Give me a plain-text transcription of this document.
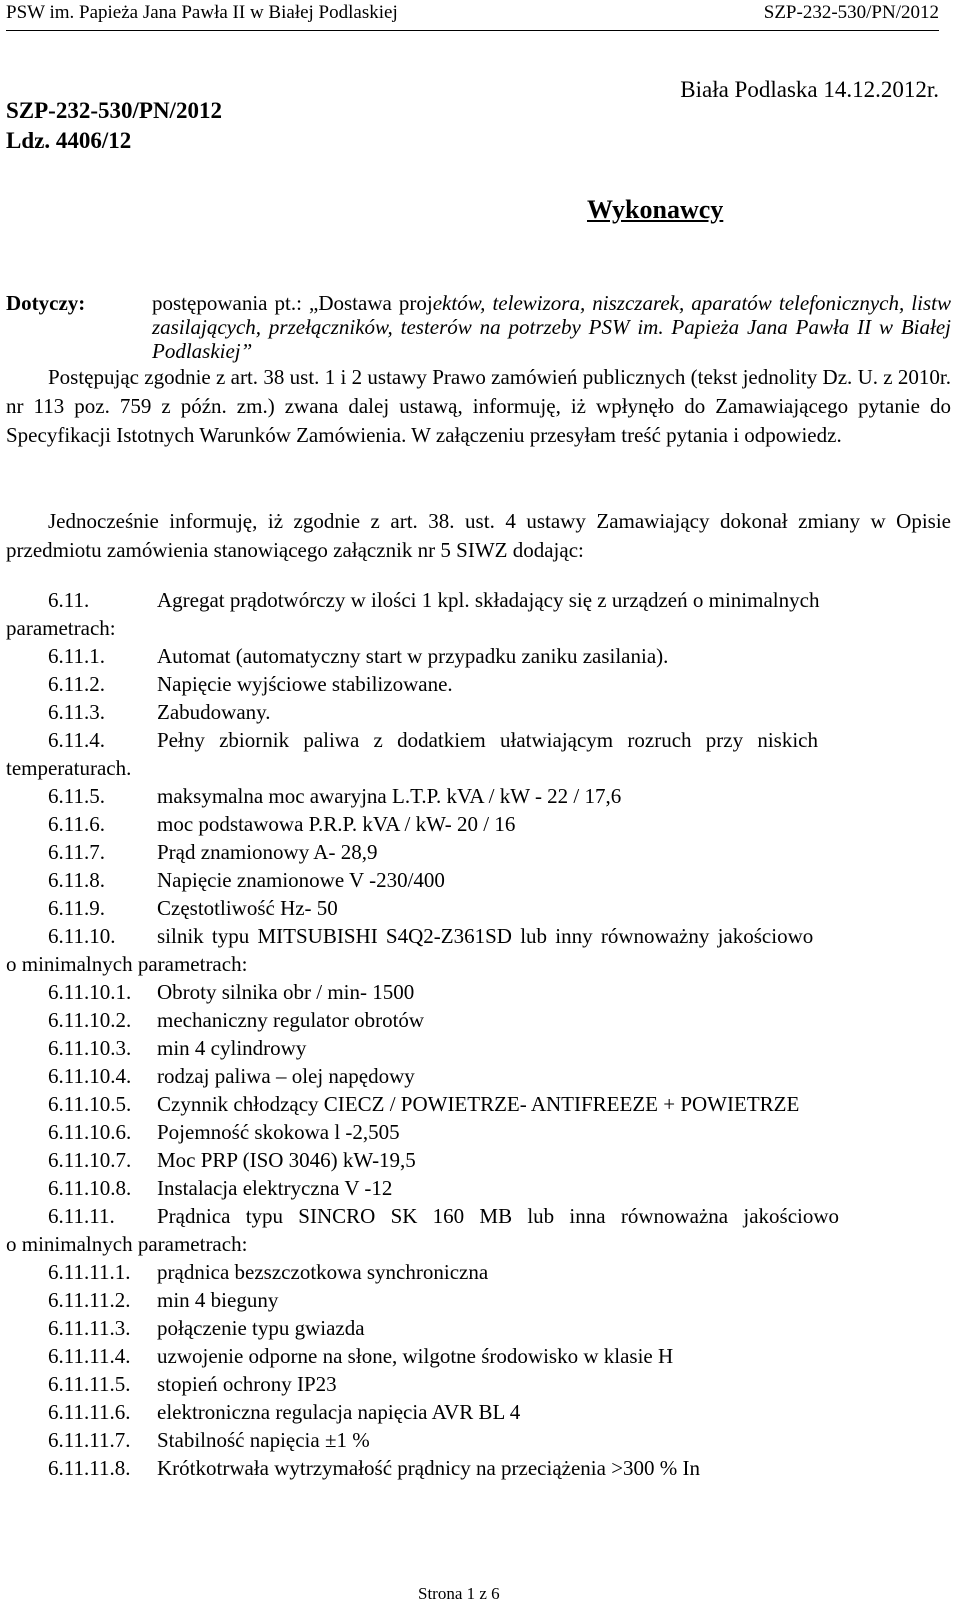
PSW im. Papieża Jana Pawła II w Białej Podlaskiej	SZP-232-530/PN/2012
SZP-232-530/PN/2012
Ldz. 4406/12
Biała Podlaska 14.12.2012r.
Wykonawcy
Dotyczy:	postępowania pt.: „Dostawa projektów, telewizora, niszczarek, aparatów telefonicznych, listw zasilających, przełączników, testerów na potrzeby PSW im. Papieża Jana Pawła II w Białej Podlaskiej”
Postępując zgodnie z art. 38 ust. 1 i 2 ustawy Prawo zamówień publicznych (tekst jednolity Dz. U. z 2010r. nr 113 poz. 759 z późn. zm.) zwana dalej ustawą, informuję, iż wpłynęło do Zamawiającego pytanie do Specyfikacji Istotnych Warunków Zamówienia. W załączeniu przesyłam treść pytania i odpowiedz.
Jednocześnie informuję, iż zgodnie z art. 38. ust. 4 ustawy Zamawiający dokonał zmiany w Opisie przedmiotu zamówienia stanowiącego załącznik nr 5 SIWZ dodając:
6.11.	Agregat prądotwórczy w ilości 1 kpl. składający się z urządzeń o minimalnych
parametrach:
6.11.1. Automat (automatyczny start w przypadku zaniku zasilania).
6.11.2. Napięcie wyjściowe stabilizowane.
6.11.3. Zabudowany.
6.11.4. Pełny zbiornik paliwa z dodatkiem ułatwiającym rozruch przy niskich
temperaturach.
6.11.5. maksymalna moc awaryjna L.T.P. kVA / kW - 22 / 17,6
6.11.6. moc podstawowa P.R.P. kVA / kW- 20 / 16
6.11.7. Prąd znamionowy A- 28,9
6.11.8. Napięcie znamionowe V -230/400
6.11.9. Częstotliwość Hz- 50
6.11.10. silnik typu MITSUBISHI S4Q2-Z361SD lub inny równoważny jakościowo
o minimalnych parametrach:
6.11.10.1. Obroty silnika obr / min- 1500
6.11.10.2. mechaniczny regulator obrotów
6.11.10.3. min 4 cylindrowy
6.11.10.4. rodzaj paliwa – olej napędowy
6.11.10.5. Czynnik chłodzący CIECZ / POWIETRZE- ANTIFREEZE + POWIETRZE
6.11.10.6. Pojemność skokowa l -2,505
6.11.10.7. Moc PRP (ISO 3046) kW-19,5
6.11.10.8. Instalacja elektryczna V -12
6.11.11. Prądnica typu SINCRO SK 160 MB lub inna równoważna jakościowo
o minimalnych parametrach:
6.11.11.1. prądnica bezszczotkowa synchroniczna
6.11.11.2. min 4 bieguny
6.11.11.3. połączenie typu gwiazda
6.11.11.4. uzwojenie odporne na słone, wilgotne środowisko w klasie H
6.11.11.5. stopień ochrony IP23
6.11.11.6. elektroniczna regulacja napięcia AVR BL 4
6.11.11.7. Stabilność napięcia ±1 %
6.11.11.8. Krótkotrwała wytrzymałość prądnicy na przeciążenia >300 % In
Strona 1 z 6
